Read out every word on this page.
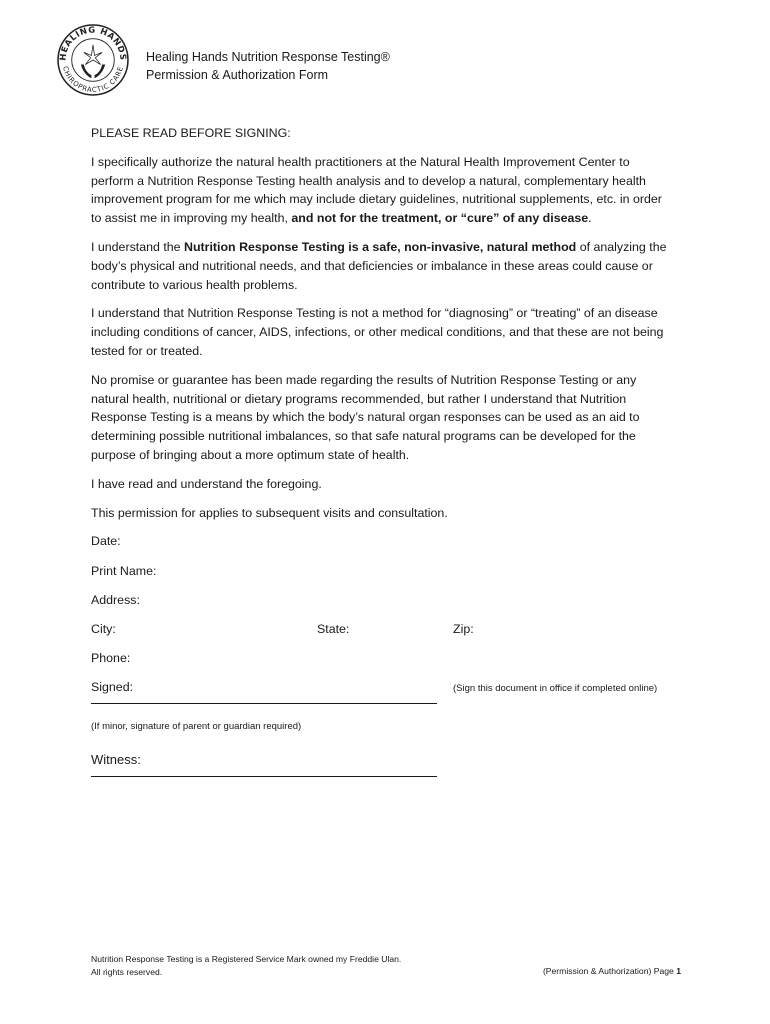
HEALING HANDS
CHIROPRACTIC CARE
Healing Hands Nutrition Response Testing®
Permission & Authorization Form

PLEASE READ BEFORE SIGNING:

I specifically authorize the natural health practitioners at the Natural Health Improvement Center to perform a Nutrition Response Testing health analysis and to develop a natural, complementary health improvement program for me which may include dietary guidelines, nutritional supplements, etc. in order to assist me in improving my health, and not for the treatment, or “cure” of any disease.

I understand the Nutrition Response Testing is a safe, non-invasive, natural method of analyzing the body’s physical and nutritional needs, and that deficiencies or imbalance in these areas could cause or contribute to various health problems.

I understand that Nutrition Response Testing is not a method for “diagnosing” or “treating” of an disease including conditions of cancer, AIDS, infections, or other medical conditions, and that these are not being tested for or treated.

No promise or guarantee has been made regarding the results of Nutrition Response Testing or any natural health, nutritional or dietary programs recommended, but rather I understand that Nutrition Response Testing is a means by which the body’s natural organ responses can be used as an aid to determining possible nutritional imbalances, so that safe natural programs can be developed for the purpose of bringing about a more optimum state of health.

I have read and understand the foregoing.

This permission for applies to subsequent visits and consultation.

Date:
Print Name:
Address:
City:	State:	Zip:
Phone:
Signed:	(Sign this document in office if completed online)
(If minor, signature of parent or guardian required)
Witness:
Nutrition Response Testing is a Registered Service Mark owned my Freddie Ulan.
All rights reserved.	(Permission & Authorization) Page 1
